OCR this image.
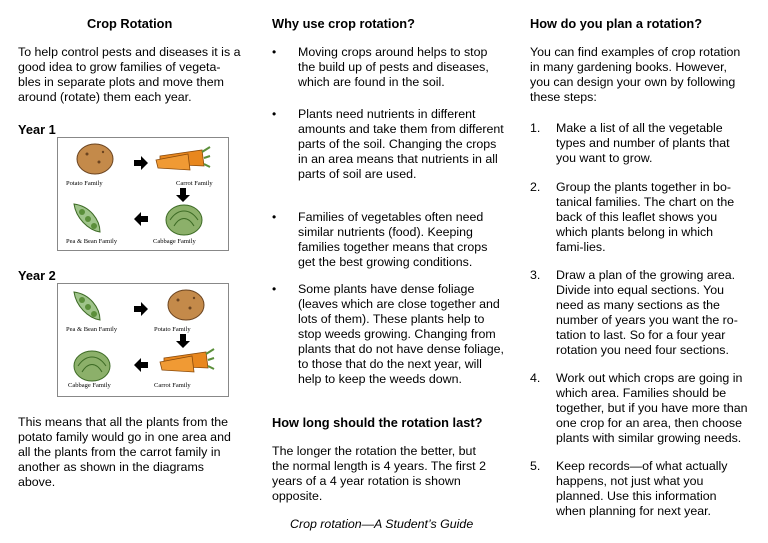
Crop Rotation
To help control pests and diseases it is a good idea to grow families of vegeta-bles in separate plots and move them around (rotate) them each year.
Year 1
Potato Family	Carrot Family
Pea & Bean Family	Cabbage Family
Year 2
Pea & Bean Family	Potato Family
Cabbage Family	Carrot Family
This means that all the plants from the potato family would go in one area and all the plants from the carrot family in another as shown in the diagrams above.
Why use crop rotation?
• Moving crops around helps to stop the build up of pests and diseases, which are found in the soil.
• Plants need nutrients in different amounts and take them from different parts of the soil. Changing the crops in an area means that nutrients in all parts of soil are used.
• Families of vegetables often need similar nutrients (food). Keeping families together means that crops get the best growing conditions.
• Some plants have dense foliage (leaves which are close together and lots of them). These plants help to stop weeds growing. Changing from plants that do not have dense foliage, to those that do the next year, will help to keep the weeds down.
How long should the rotation last?
The longer the rotation the better, but the normal length is 4 years. The first 2 years of a 4 year rotation is shown opposite.
Crop rotation—A Student’s Guide
How do you plan a rotation?
You can find examples of crop rotation in many gardening books. However, you can design your own by following these steps:
1. Make a list of all the vegetable types and number of plants that you want to grow.
2. Group the plants together in bo-tanical families. The chart on the back of this leaflet shows you which plants belong in which fami-lies.
3. Draw a plan of the growing area. Divide into equal sections. You need as many sections as the number of years you want the ro-tation to last. So for a four year rotation you need four sections.
4. Work out which crops are going in which area. Families should be together, but if you have more than one crop for an area, then choose plants with similar growing needs.
5. Keep records—of what actually happens, not just what you planned. Use this information when planning for next year.
